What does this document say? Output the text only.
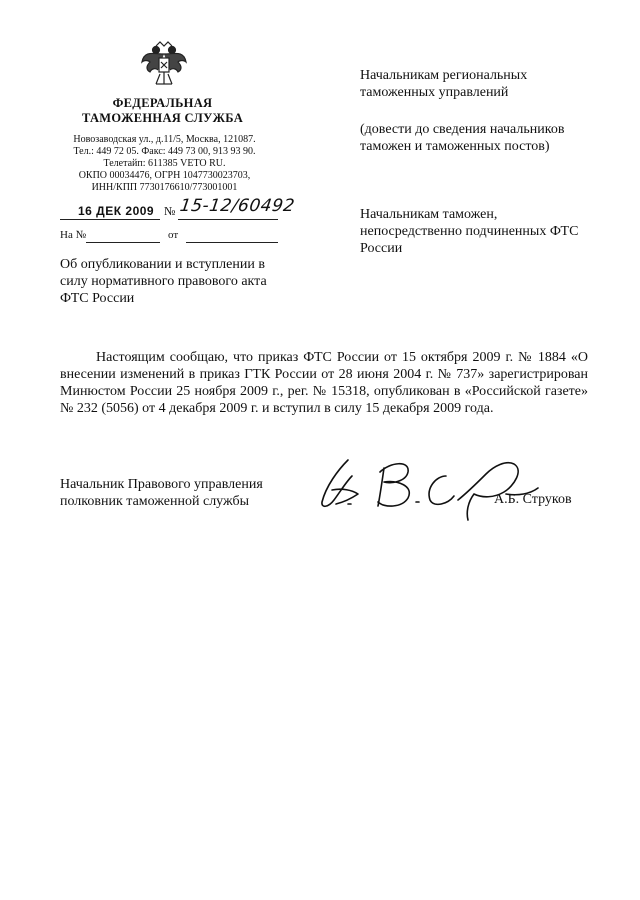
ФЕДЕРАЛЬНАЯ
ТАМОЖЕННАЯ СЛУЖБА
Новозаводская ул., д.11/5, Москва, 121087.
Тел.: 449 72 05. Факс: 449 73 00, 913 93 90.
Телетайп: 611385 VETO RU.
ОКПО 00034476, ОГРН 1047730023703,
ИНН/КПП 7730176610/773001001
16 ДЕК 2009 № 15-12/60492
На №	от
Об опубликовании и вступлении в силу нормативного правового акта ФТС России
Начальникам региональных таможенных управлений
(довести до сведения начальников таможен и таможенных постов)
Начальникам таможен, непосредственно подчиненных ФТС России
Настоящим сообщаю, что приказ ФТС России от 15 октября 2009 г. № 1884 «О внесении изменений в приказ ГТК России от 28 июня 2004 г. № 737» зарегистрирован Минюстом России 25 ноября 2009 г., рег. № 15318, опубликован в «Российской газете» № 232 (5056) от 4 декабря 2009 г. и вступил в силу 15 декабря 2009 года.
Начальник Правового управления
полковник таможенной службы	А.Б. Струков
